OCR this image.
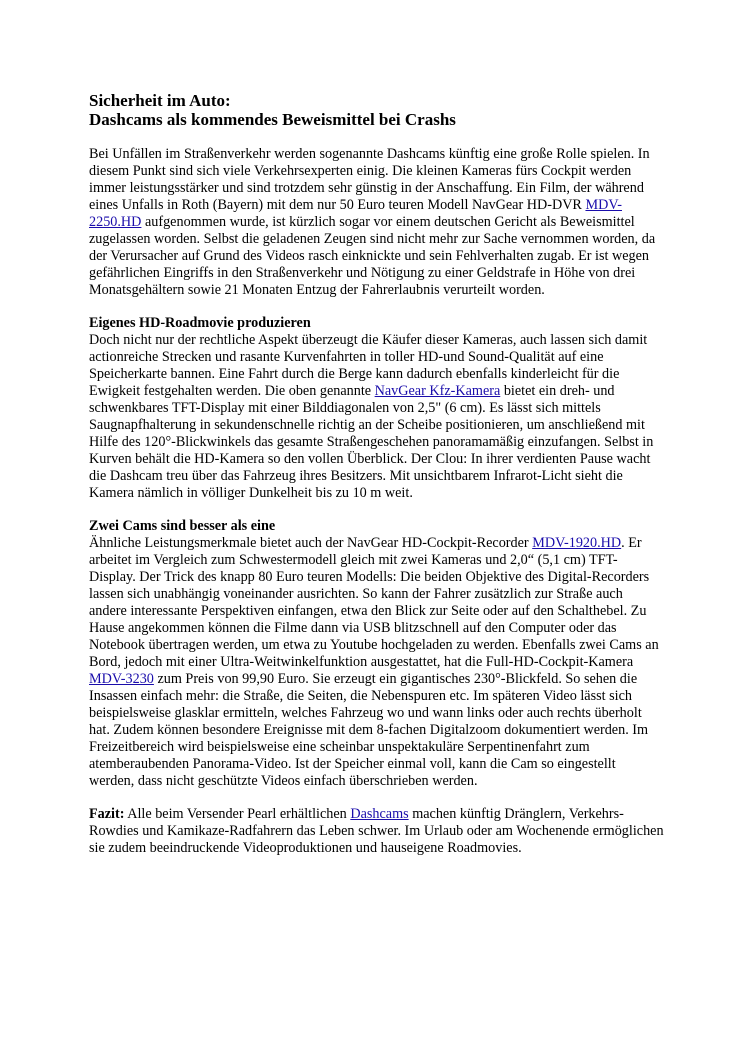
Sicherheit im Auto:
Dashcams als kommendes Beweismittel bei Crashs

Bei Unfällen im Straßenverkehr werden sogenannte Dashcams künftig eine große Rolle spielen. In diesem Punkt sind sich viele Verkehrsexperten einig. Die kleinen Kameras fürs Cockpit werden immer leistungsstärker und sind trotzdem sehr günstig in der Anschaffung. Ein Film, der während eines Unfalls in Roth (Bayern) mit dem nur 50 Euro teuren Modell NavGear HD-DVR MDV-2250.HD aufgenommen wurde, ist kürzlich sogar vor einem deutschen Gericht als Beweismittel zugelassen worden. Selbst die geladenen Zeugen sind nicht mehr zur Sache vernommen worden, da der Verursacher auf Grund des Videos rasch einknickte und sein Fehlverhalten zugab. Er ist wegen gefährlichen Eingriffs in den Straßenverkehr und Nötigung zu einer Geldstrafe in Höhe von drei Monatsgehältern sowie 21 Monaten Entzug der Fahrerlaubnis verurteilt worden.

Eigenes HD-Roadmovie produzieren
Doch nicht nur der rechtliche Aspekt überzeugt die Käufer dieser Kameras, auch lassen sich damit actionreiche Strecken und rasante Kurvenfahrten in toller HD-und Sound-Qualität auf eine Speicherkarte bannen. Eine Fahrt durch die Berge kann dadurch ebenfalls kinderleicht für die Ewigkeit festgehalten werden. Die oben genannte NavGear Kfz-Kamera bietet ein dreh- und schwenkbares TFT-Display mit einer Bilddiagonalen von 2,5" (6 cm). Es lässt sich mittels Saugnapfhalterung in sekundenschnelle richtig an der Scheibe positionieren, um anschließend mit Hilfe des 120°-Blickwinkels das gesamte Straßengeschehen panoramamäßig einzufangen. Selbst in Kurven behält die HD-Kamera so den vollen Überblick. Der Clou: In ihrer verdienten Pause wacht die Dashcam treu über das Fahrzeug ihres Besitzers. Mit unsichtbarem Infrarot-Licht sieht die Kamera nämlich in völliger Dunkelheit bis zu 10 m weit.

Zwei Cams sind besser als eine
Ähnliche Leistungsmerkmale bietet auch der NavGear HD-Cockpit-Recorder MDV-1920.HD. Er arbeitet im Vergleich zum Schwestermodell gleich mit zwei Kameras und 2,0“ (5,1 cm) TFT-Display. Der Trick des knapp 80 Euro teuren Modells: Die beiden Objektive des Digital-Recorders lassen sich unabhängig voneinander ausrichten. So kann der Fahrer zusätzlich zur Straße auch andere interessante Perspektiven einfangen, etwa den Blick zur Seite oder auf den Schalthebel. Zu Hause angekommen können die Filme dann via USB blitzschnell auf den Computer oder das Notebook übertragen werden, um etwa zu Youtube hochgeladen zu werden. Ebenfalls zwei Cams an Bord, jedoch mit einer Ultra-Weitwinkelfunktion ausgestattet, hat die Full-HD-Cockpit-Kamera MDV-3230 zum Preis von 99,90 Euro. Sie erzeugt ein gigantisches 230°-Blickfeld. So sehen die Insassen einfach mehr: die Straße, die Seiten, die Nebenspuren etc. Im späteren Video lässt sich beispielsweise glasklar ermitteln, welches Fahrzeug wo und wann links oder auch rechts überholt hat. Zudem können besondere Ereignisse mit dem 8-fachen Digitalzoom dokumentiert werden. Im Freizeitbereich wird beispielsweise eine scheinbar unspektakuläre Serpentinenfahrt zum atemberaubenden Panorama-Video. Ist der Speicher einmal voll, kann die Cam so eingestellt werden, dass nicht geschützte Videos einfach überschrieben werden.

Fazit: Alle beim Versender Pearl erhältlichen Dashcams machen künftig Dränglern, Verkehrs-Rowdies und Kamikaze-Radfahrern das Leben schwer. Im Urlaub oder am Wochenende ermöglichen sie zudem beeindruckende Videoproduktionen und hauseigene Roadmovies.
